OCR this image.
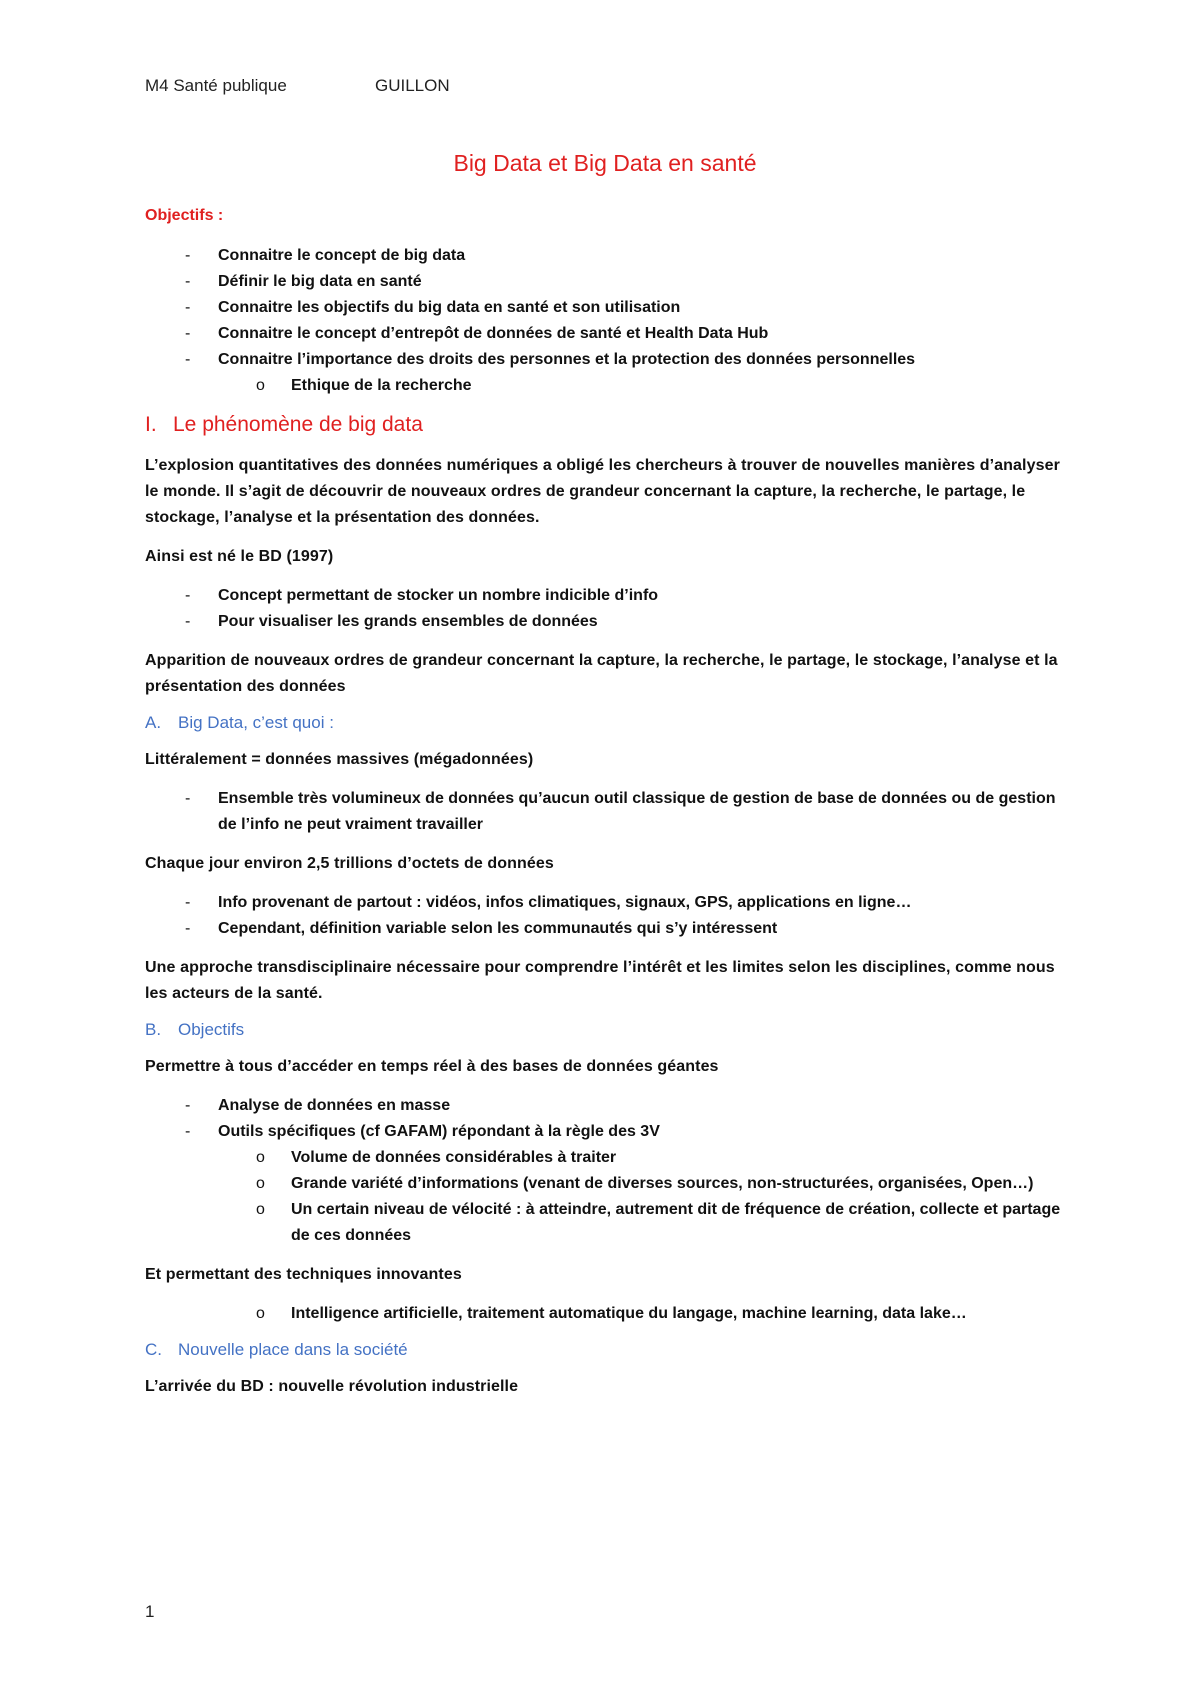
M4 Santé publique	GUILLON
Big Data et Big Data en santé
Objectifs :
- Connaitre le concept de big data
- Définir le big data en santé
- Connaitre les objectifs du big data en santé et son utilisation
- Connaitre le concept d’entrepôt de données de santé et Health Data Hub
- Connaitre l’importance des droits des personnes et la protection des données personnelles
o Ethique de la recherche
I. Le phénomène de big data

L’explosion quantitatives des données numériques a obligé les chercheurs à trouver de nouvelles manières d’analyser le monde. Il s’agit de découvrir de nouveaux ordres de grandeur concernant la capture, la recherche, le partage, le stockage, l’analyse et la présentation des données.

Ainsi est né le BD (1997)

- Concept permettant de stocker un nombre indicible d’info
- Pour visualiser les grands ensembles de données

Apparition de nouveaux ordres de grandeur concernant la capture, la recherche, le partage, le stockage, l’analyse et la présentation des données

A. Big Data, c’est quoi :

Littéralement = données massives (mégadonnées)

- Ensemble très volumineux de données qu’aucun outil classique de gestion de base de données ou de gestion de l’info ne peut vraiment travailler

Chaque jour environ 2,5 trillions d’octets de données

- Info provenant de partout : vidéos, infos climatiques, signaux, GPS, applications en ligne…
- Cependant, définition variable selon les communautés qui s’y intéressent

Une approche transdisciplinaire nécessaire pour comprendre l’intérêt et les limites selon les disciplines, comme nous les acteurs de la santé.

B. Objectifs

Permettre à tous d’accéder en temps réel à des bases de données géantes

- Analyse de données en masse
- Outils spécifiques (cf GAFAM) répondant à la règle des 3V
o Volume de données considérables à traiter
o Grande variété d’informations (venant de diverses sources, non-structurées, organisées, Open…)
o Un certain niveau de vélocité : à atteindre, autrement dit de fréquence de création, collecte et partage de ces données

Et permettant des techniques innovantes

o Intelligence artificielle, traitement automatique du langage, machine learning, data lake…
C. Nouvelle place dans la société

L’arrivée du BD : nouvelle révolution industrielle

1
